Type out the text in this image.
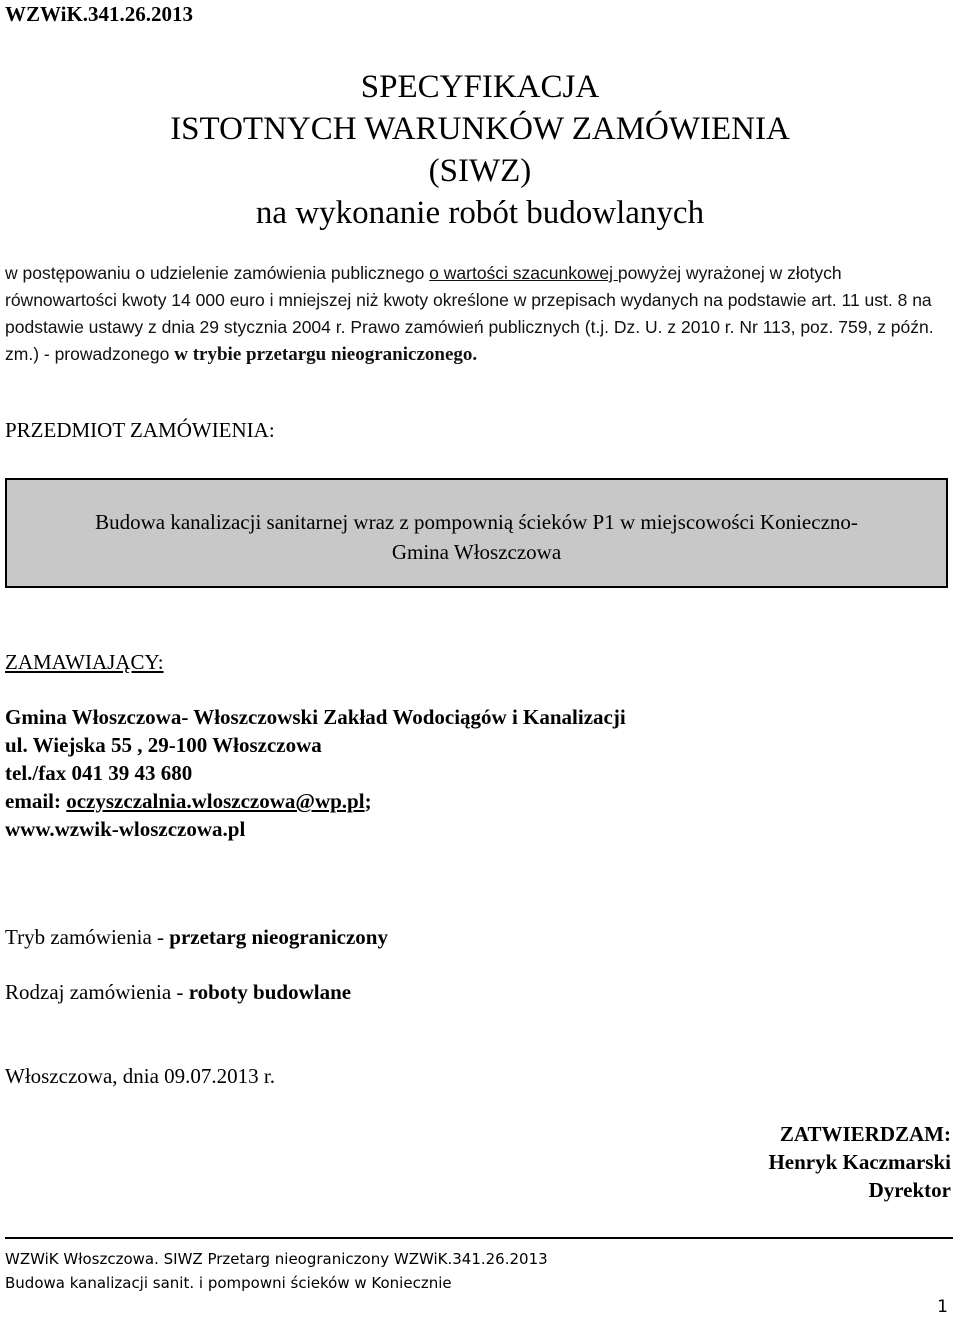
WZWiK.341.26.2013
SPECYFIKACJA
ISTOTNYCH WARUNKÓW ZAMÓWIENIA
(SIWZ)
na wykonanie robót budowlanych
w postępowaniu o udzielenie zamówienia publicznego o wartości szacunkowej powyżej wyrażonej w złotych równowartości kwoty 14 000 euro i mniejszej niż kwoty określone w przepisach wydanych na podstawie art. 11 ust. 8 na podstawie ustawy z dnia 29 stycznia 2004 r. Prawo zamówień publicznych (t.j. Dz. U. z 2010 r. Nr 113, poz. 759, z późn. zm.) - prowadzonego w trybie przetargu nieograniczonego.
PRZEDMIOT ZAMÓWIENIA:
Budowa kanalizacji sanitarnej wraz z pompownią ścieków P1 w miejscowości Konieczno-
Gmina Włoszczowa
ZAMAWIAJĄCY:
Gmina Włoszczowa- Włoszczowski Zakład Wodociągów i Kanalizacji
ul. Wiejska 55 , 29-100 Włoszczowa
tel./fax 041 39 43 680
email: oczyszczalnia.wloszczowa@wp.pl;
www.wzwik-wloszczowa.pl
Tryb zamówienia - przetarg nieograniczony
Rodzaj zamówienia - roboty budowlane
Włoszczowa, dnia 09.07.2013 r.
ZATWIERDZAM:
Henryk Kaczmarski
Dyrektor
WZWiK Włoszczowa. SIWZ Przetarg nieograniczony WZWiK.341.26.2013
Budowa kanalizacji sanit. i pompowni ścieków w Koniecznie
1
